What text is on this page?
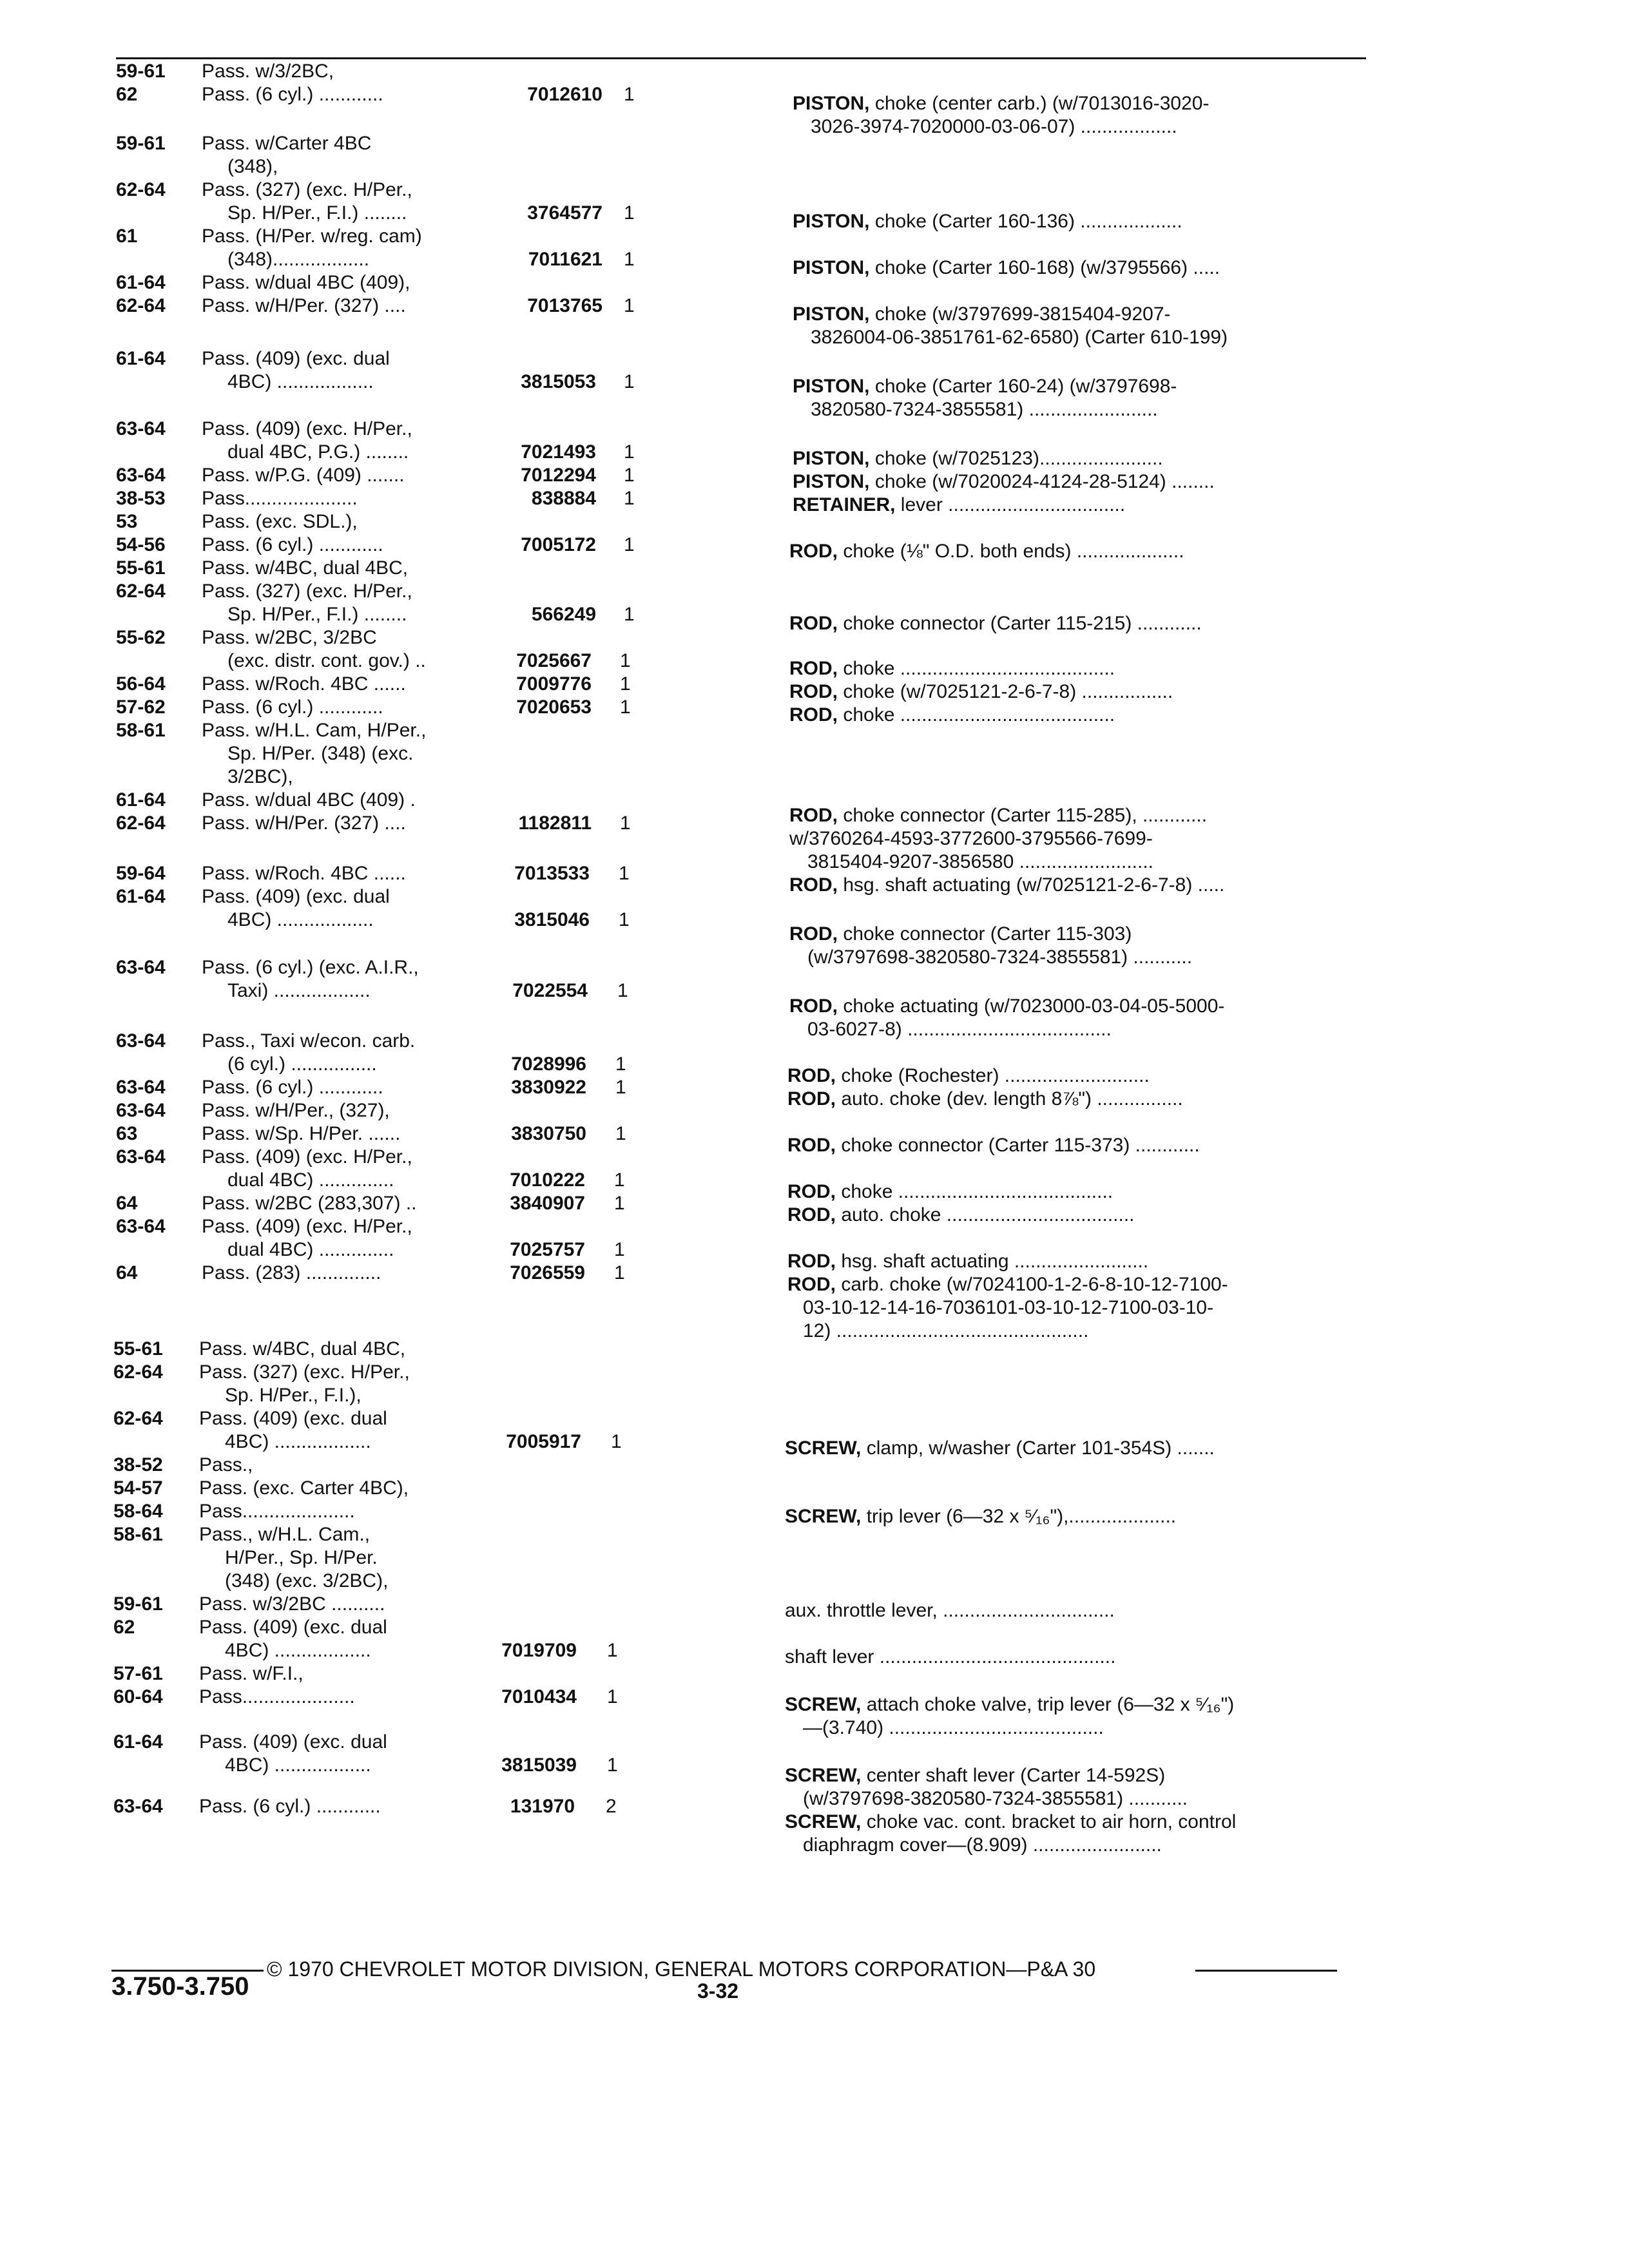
59-61 Pass. w/3/2BC,
62	Pass. (6 cyl.) ............	7012610 1
59-61 Pass. w/Carter 4BC
(348),
62-64 Pass. (327) (exc. H/Per.,
Sp. H/Per., F.I.) ........	3764577 1
61	Pass. (H/Per. w/reg. cam)
(348)..................	7011621 1
61-64 Pass. w/dual 4BC (409),
62-64 Pass. w/H/Per. (327) ....	7013765 1
61-64 Pass. (409) (exc. dual
4BC) ..................	3815053 1
63-64 Pass. (409) (exc. H/Per.,
dual 4BC, P.G.) ........	7021493 1
63-64 Pass. w/P.G. (409) .......	7012294 1
38-53 Pass.....................	838884 1
53	Pass. (exc. SDL.),
54-56 Pass. (6 cyl.) ............	7005172 1
55-61 Pass. w/4BC, dual 4BC,
62-64 Pass. (327) (exc. H/Per.,
Sp. H/Per., F.I.) ........	566249 1
55-62 Pass. w/2BC, 3/2BC
(exc. distr. cont. gov.) ..	7025667 1
56-64 Pass. w/Roch. 4BC ......	7009776 1
57-62 Pass. (6 cyl.) ............	7020653 1
58-61 Pass. w/H.L. Cam, H/Per.,
Sp. H/Per. (348) (exc.
3/2BC),
61-64 Pass. w/dual 4BC (409) .
62-64 Pass. w/H/Per. (327) ....	1182811 1
59-64 Pass. w/Roch. 4BC ......	7013533 1
61-64 Pass. (409) (exc. dual
4BC) ..................	3815046 1
63-64 Pass. (6 cyl.) (exc. A.I.R.,
Taxi) ..................	7022554 1
63-64 Pass., Taxi w/econ. carb.
(6 cyl.) ................	7028996 1
63-64 Pass. (6 cyl.) ............	3830922 1
63-64 Pass. w/H/Per., (327),
63	Pass. w/Sp. H/Per. ......	3830750 1
63-64 Pass. (409) (exc. H/Per.,
dual 4BC) ..............	7010222 1
64	Pass. w/2BC (283,307) ..	3840907 1
63-64 Pass. (409) (exc. H/Per.,
dual 4BC) ..............	7025757 1
64	Pass. (283) ..............	7026559 1
55-61 Pass. w/4BC, dual 4BC,
62-64 Pass. (327) (exc. H/Per.,
Sp. H/Per., F.I.),
62-64 Pass. (409) (exc. dual
4BC) ..................	7005917 1
38-52 Pass.,
54-57 Pass. (exc. Carter 4BC),
58-64 Pass.....................
58-61 Pass., w/H.L. Cam.,
H/Per., Sp. H/Per.
(348) (exc. 3/2BC),
59-61 Pass. w/3/2BC ..........
62	Pass. (409) (exc. dual
4BC) ..................	7019709 1
57-61 Pass. w/F.I.,
60-64 Pass.....................	7010434 1
61-64 Pass. (409) (exc. dual
4BC) ..................	3815039 1
63-64 Pass. (6 cyl.) ............	131970 2
PISTON, choke (center carb.) (w/7013016-3020-
3026-3974-7020000-03-06-07) ..................
PISTON, choke (Carter 160-136) ...................
PISTON, choke (Carter 160-168) (w/3795566) .....
PISTON, choke (w/3797699-3815404-9207-
3826004-06-3851761-62-6580) (Carter 610-199)
PISTON, choke (Carter 160-24) (w/3797698-
3820580-7324-3855581) ........................
PISTON, choke (w/7025123).......................
PISTON, choke (w/7020024-4124-28-5124) ........
RETAINER, lever .................................
ROD, choke (⅛" O.D. both ends) ....................
ROD, choke connector (Carter 115-215) ............
ROD, choke ........................................
ROD, choke (w/7025121-2-6-7-8) .................
ROD, choke ........................................
ROD, choke connector (Carter 115-285), ............
w/3760264-4593-3772600-3795566-7699-
3815404-9207-3856580 .........................
ROD, hsg. shaft actuating (w/7025121-2-6-7-8) .....
ROD, choke connector (Carter 115-303)
(w/3797698-3820580-7324-3855581) ...........
ROD, choke actuating (w/7023000-03-04-05-5000-
03-6027-8) ......................................
ROD, choke (Rochester) ...........................
ROD, auto. choke (dev. length 8⅞") ................
ROD, choke connector (Carter 115-373) ............
ROD, choke ........................................
ROD, auto. choke ...................................
ROD, hsg. shaft actuating .........................
ROD, carb. choke (w/7024100-1-2-6-8-10-12-7100-
03-10-12-14-16-7036101-03-10-12-7100-03-10-
12) ...............................................
SCREW, clamp, w/washer (Carter 101-354S) .......
SCREW, trip lever (6—32 x ⁵⁄₁₆"),....................
aux. throttle lever, ................................
shaft lever ............................................
SCREW, attach choke valve, trip lever (6—32 x ⁵⁄₁₆")
—(3.740) ........................................
SCREW, center shaft lever (Carter 14-592S)
(w/3797698-3820580-7324-3855581) ...........
SCREW, choke vac. cont. bracket to air horn, control
diaphragm cover—(8.909) ........................
© 1970 CHEVROLET MOTOR DIVISION, GENERAL MOTORS CORPORATION—P&A 30
3.750-3.750	3-32
